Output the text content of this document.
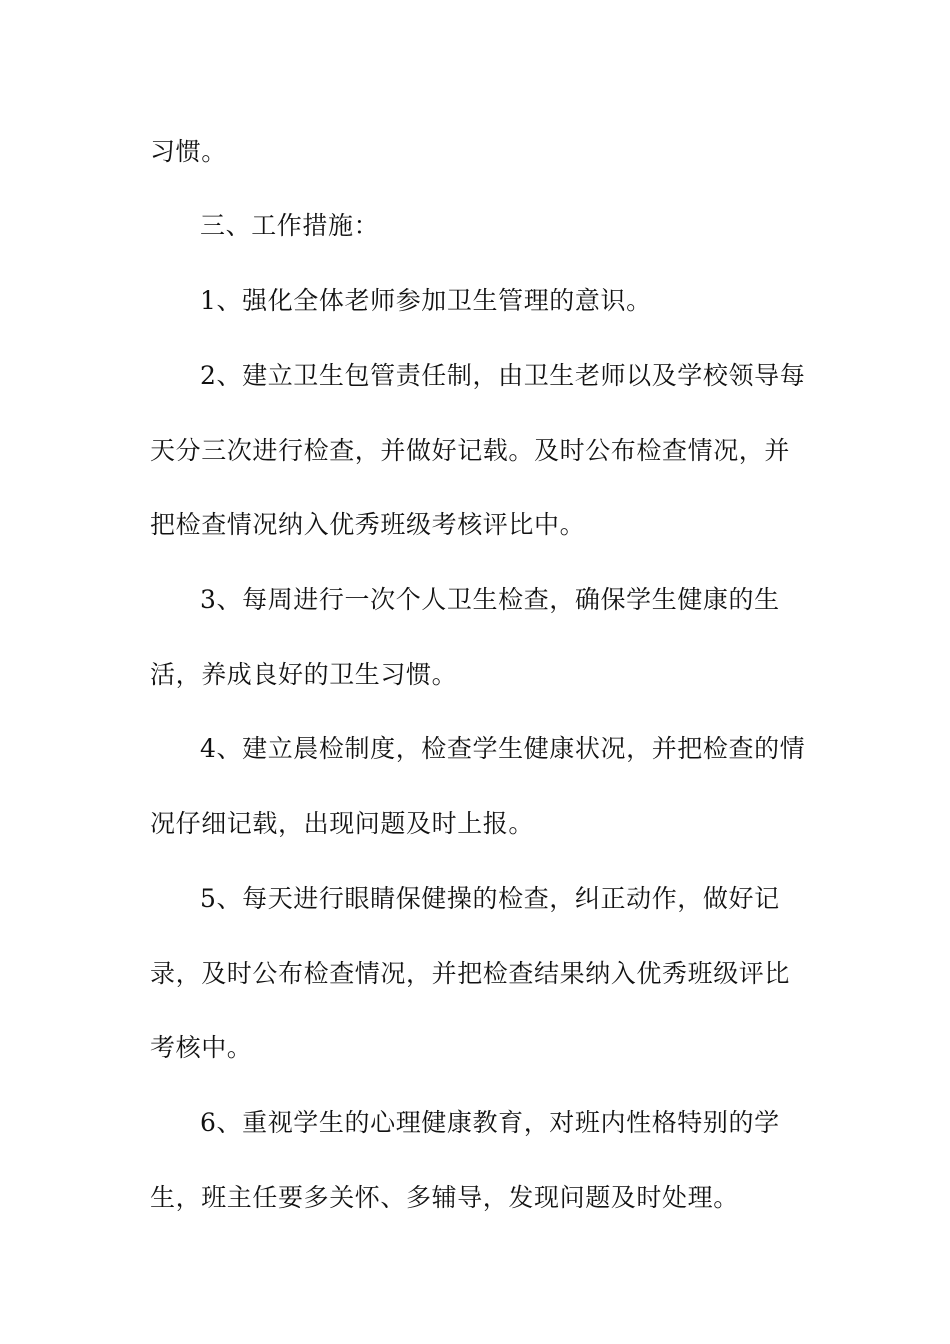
习惯。
三、工作措施：
1、强化全体老师参加卫生管理的意识。
2、建立卫生包管责任制，由卫生老师以及学校领导每
天分三次进行检查，并做好记载。及时公布检查情况，并
把检查情况纳入优秀班级考核评比中。
3、每周进行一次个人卫生检查，确保学生健康的生
活，养成良好的卫生习惯。
4、建立晨检制度，检查学生健康状况，并把检查的情
况仔细记载，出现问题及时上报。
5、每天进行眼睛保健操的检查，纠正动作，做好记
录，及时公布检查情况，并把检查结果纳入优秀班级评比
考核中。
6、重视学生的心理健康教育，对班内性格特别的学
生，班主任要多关怀、多辅导，发现问题及时处理。
